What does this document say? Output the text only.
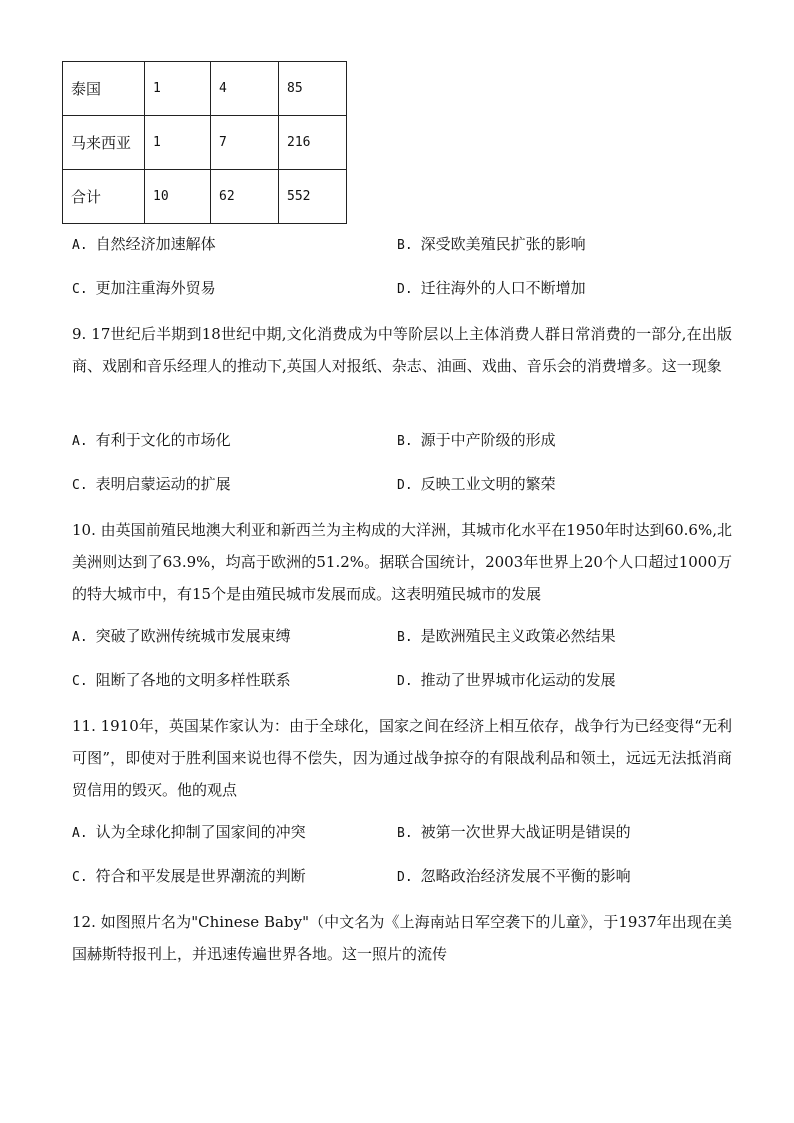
泰国	1	4	85
马来西亚	1	7	216
合计	10	62	552
A. 自然经济加速解体	B. 深受欧美殖民扩张的影响
C. 更加注重海外贸易	D. 迁往海外的人口不断增加
9. 17世纪后半期到18世纪中期,文化消费成为中等阶层以上主体消费人群日常消费的一部分,在出版商、戏剧和音乐经理人的推动下,英国人对报纸、杂志、油画、戏曲、音乐会的消费增多。这一现象
A. 有利于文化的市场化	B. 源于中产阶级的形成
C. 表明启蒙运动的扩展	D. 反映工业文明的繁荣
10. 由英国前殖民地澳大利亚和新西兰为主构成的大洋洲，其城市化水平在1950年时达到60.6%,北美洲则达到了63.9%，均高于欧洲的51.2%。据联合国统计，2003年世界上20个人口超过1000万的特大城市中，有15个是由殖民城市发展而成。这表明殖民城市的发展
A. 突破了欧洲传统城市发展束缚	B. 是欧洲殖民主义政策必然结果
C. 阻断了各地的文明多样性联系	D. 推动了世界城市化运动的发展
11. 1910年，英国某作家认为：由于全球化，国家之间在经济上相互依存，战争行为已经变得“无利可图”，即使对于胜利国来说也得不偿失，因为通过战争掠夺的有限战利品和领土，远远无法抵消商贸信用的毁灭。他的观点
A. 认为全球化抑制了国家间的冲突	B. 被第一次世界大战证明是错误的
C. 符合和平发展是世界潮流的判断	D. 忽略政治经济发展不平衡的影响
12. 如图照片名为"Chinese Baby"（中文名为《上海南站日军空袭下的儿童》，于1937年出现在美国赫斯特报刊上，并迅速传遍世界各地。这一照片的流传
